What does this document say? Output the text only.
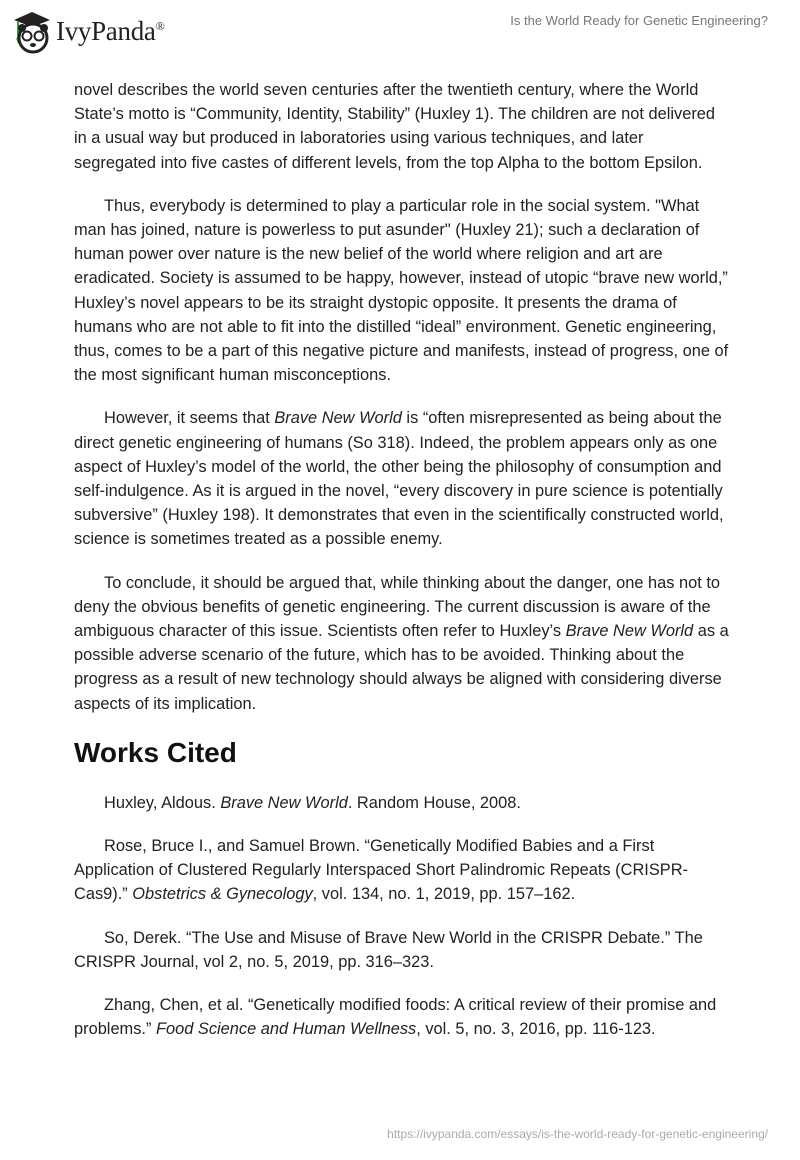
IvyPanda®	Is the World Ready for Genetic Engineering?

novel describes the world seven centuries after the twentieth century, where the World State’s motto is “Community, Identity, Stability” (Huxley 1). The children are not delivered in a usual way but produced in laboratories using various techniques, and later segregated into five castes of different levels, from the top Alpha to the bottom Epsilon.

Thus, everybody is determined to play a particular role in the social system. "What man has joined, nature is powerless to put asunder" (Huxley 21); such a declaration of human power over nature is the new belief of the world where religion and art are eradicated. Society is assumed to be happy, however, instead of utopic “brave new world,” Huxley’s novel appears to be its straight dystopic opposite. It presents the drama of humans who are not able to fit into the distilled “ideal” environment. Genetic engineering, thus, comes to be a part of this negative picture and manifests, instead of progress, one of the most significant human misconceptions.

However, it seems that Brave New World is “often misrepresented as being about the direct genetic engineering of humans (So 318). Indeed, the problem appears only as one aspect of Huxley’s model of the world, the other being the philosophy of consumption and self-indulgence. As it is argued in the novel, “every discovery in pure science is potentially subversive” (Huxley 198). It demonstrates that even in the scientifically constructed world, science is sometimes treated as a possible enemy.

To conclude, it should be argued that, while thinking about the danger, one has not to deny the obvious benefits of genetic engineering. The current discussion is aware of the ambiguous character of this issue. Scientists often refer to Huxley’s Brave New World as a possible adverse scenario of the future, which has to be avoided. Thinking about the progress as a result of new technology should always be aligned with considering diverse aspects of its implication.

Works Cited

Huxley, Aldous. Brave New World. Random House, 2008.

Rose, Bruce I., and Samuel Brown. “Genetically Modified Babies and a First Application of Clustered Regularly Interspaced Short Palindromic Repeats (CRISPR-Cas9).” Obstetrics & Gynecology, vol. 134, no. 1, 2019, pp. 157–162.

So, Derek. “The Use and Misuse of Brave New World in the CRISPR Debate.” The CRISPR Journal, vol 2, no. 5, 2019, pp. 316–323.

Zhang, Chen, et al. “Genetically modified foods: A critical review of their promise and problems.” Food Science and Human Wellness, vol. 5, no. 3, 2016, pp. 116-123.

https://ivypanda.com/essays/is-the-world-ready-for-genetic-engineering/
